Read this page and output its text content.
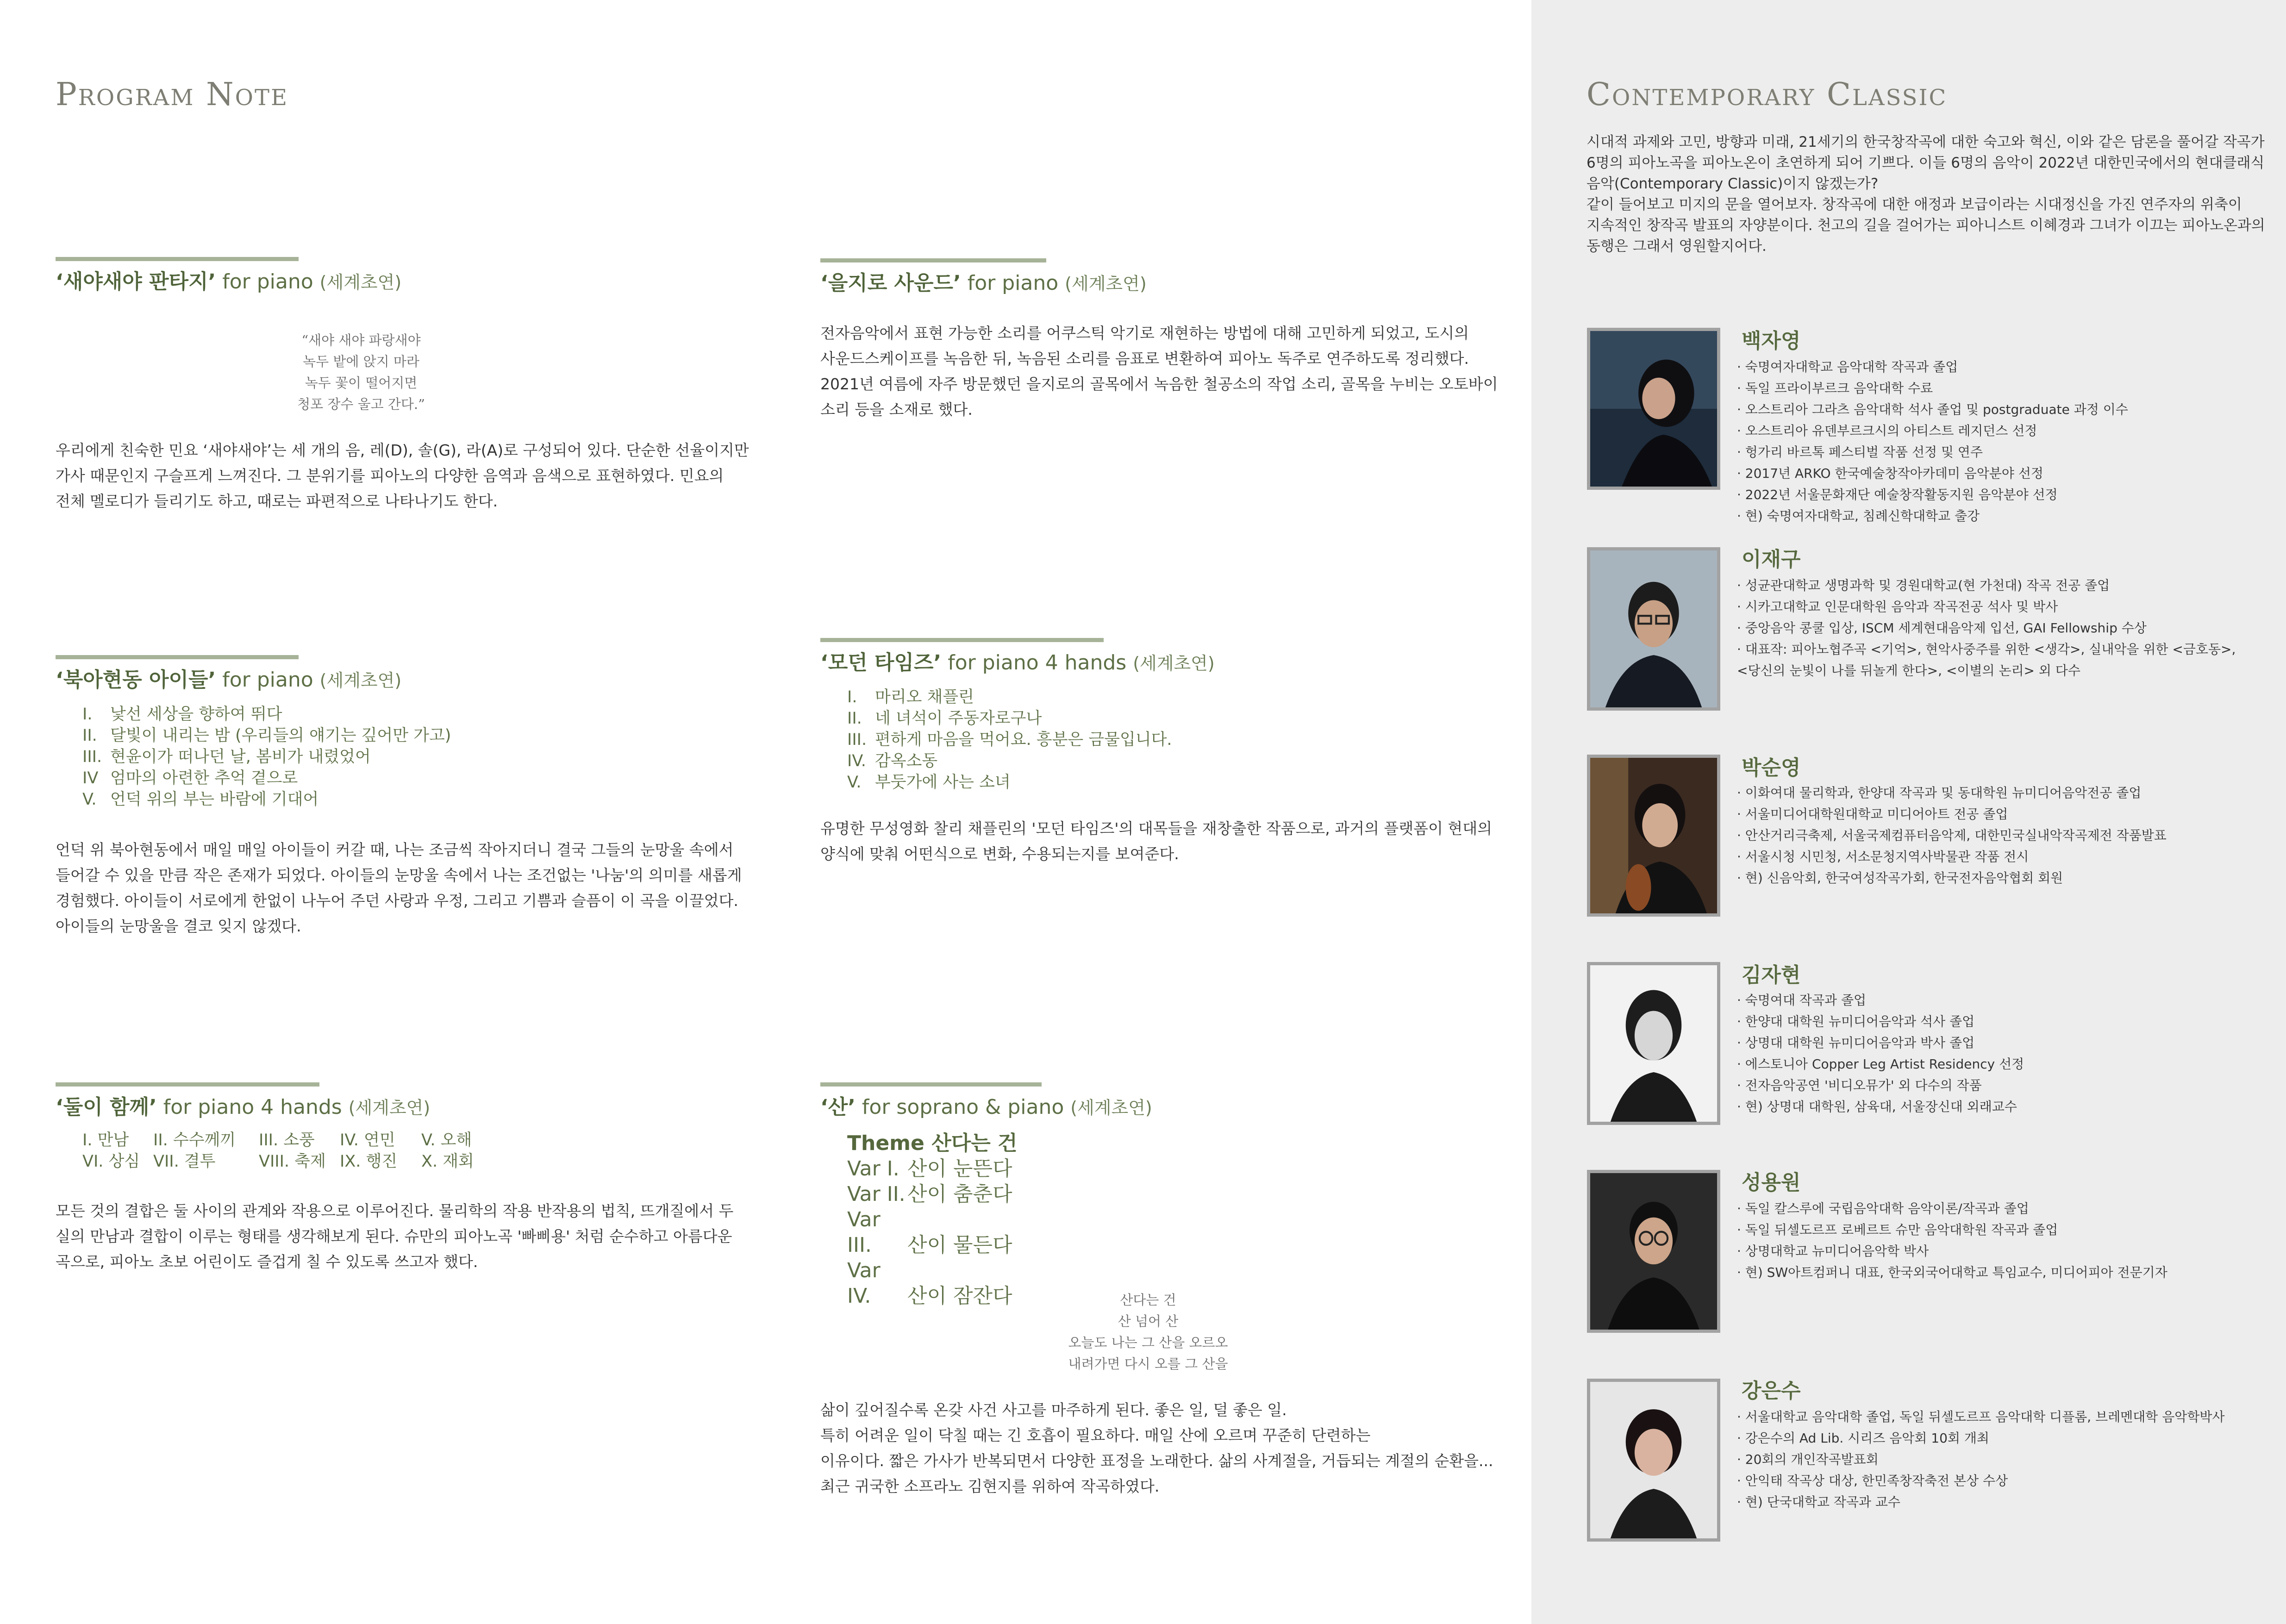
Program Note	Contemporary Classic
‘새야새야 판타지’ for piano (세계초연)
“새야 새야 파랑새야
녹두 밭에 앉지 마라
녹두 꽃이 떨어지면
청포 장수 울고 간다.”
우리에게 친숙한 민요 ‘새야새야’는 세 개의 음, 레(D), 솔(G), 라(A)로 구성되어 있다. 단순한 선율이지만
가사 때문인지 구슬프게 느껴진다. 그 분위기를 피아노의 다양한 음역과 음색으로 표현하였다. 민요의
전체 멜로디가 들리기도 하고, 때로는 파편적으로 나타나기도 한다.
‘북아현동 아이들’ for piano (세계초연)
I. 낯선 세상을 향하여 뛰다
II. 달빛이 내리는 밤 (우리들의 얘기는 깊어만 가고)
III. 현윤이가 떠나던 날, 봄비가 내렸었어
IV 엄마의 아련한 추억 곁으로
V. 언덕 위의 부는 바람에 기대어
언덕 위 북아현동에서 매일 매일 아이들이 커갈 때, 나는 조금씩 작아지더니 결국 그들의 눈망울 속에서
들어갈 수 있을 만큼 작은 존재가 되었다. 아이들의 눈망울 속에서 나는 조건없는 '나눔'의 의미를 새롭게
경험했다. 아이들이 서로에게 한없이 나누어 주던 사랑과 우정, 그리고 기쁨과 슬픔이 이 곡을 이끌었다.
아이들의 눈망울을 결코 잊지 않겠다.
‘둘이 함께’ for piano 4 hands (세계초연)
I. 만남 II. 수수께끼 III. 소풍 IV. 연민 V. 오해
VI. 상심 VII. 결투	VIII. 축제 IX. 행진 X. 재회
모든 것의 결합은 둘 사이의 관계와 작용으로 이루어진다. 물리학의 작용 반작용의 법칙, 뜨개질에서 두
실의 만남과 결합이 이루는 형태를 생각해보게 된다. 슈만의 피아노곡 '빠삐용' 처럼 순수하고 아름다운
곡으로, 피아노 초보 어린이도 즐겁게 칠 수 있도록 쓰고자 했다.
‘을지로 사운드’ for piano (세계초연)
전자음악에서 표현 가능한 소리를 어쿠스틱 악기로 재현하는 방법에 대해 고민하게 되었고, 도시의
사운드스케이프를 녹음한 뒤, 녹음된 소리를 음표로 변환하여 피아노 독주로 연주하도록 정리했다.
2021년 여름에 자주 방문했던 을지로의 골목에서 녹음한 철공소의 작업 소리, 골목을 누비는 오토바이
소리 등을 소재로 했다.
‘모던 타임즈’ for piano 4 hands (세계초연)
I. 마리오 채플린
II. 네 녀석이 주동자로구나
III. 편하게 마음을 먹어요. 흥분은 금물입니다.
IV. 감옥소동
V. 부둣가에 사는 소녀
유명한 무성영화 찰리 채플린의 '모던 타임즈'의 대목들을 재창출한 작품으로, 과거의 플랫폼이 현대의
양식에 맞춰 어떤식으로 변화, 수용되는지를 보여준다.
‘산’ for soprano & piano (세계초연)
Theme 산다는 건
Var I. 산이 눈뜬다
Var II.산이 춤춘다
Var III. 산이 물든다
Var IV. 산이 잠잔다	산다는 건
산 넘어 산
오늘도 나는 그 산을 오르오
내려가면 다시 오를 그 산을
삶이 깊어질수록 온갖 사건 사고를 마주하게 된다. 좋은 일, 덜 좋은 일.
특히 어려운 일이 닥칠 때는 긴 호흡이 필요하다. 매일 산에 오르며 꾸준히 단련하는
이유이다. 짧은 가사가 반복되면서 다양한 표정을 노래한다. 삶의 사계절을, 거듭되는 계절의 순환을...
최근 귀국한 소프라노 김현지를 위하여 작곡하였다.
시대적 과제와 고민, 방향과 미래, 21세기의 한국창작곡에 대한 숙고와 혁신, 이와 같은 담론을 풀어갈 작곡가
6명의 피아노곡을 피아노온이 초연하게 되어 기쁘다. 이들 6명의 음악이 2022년 대한민국에서의 현대클래식
음악(Contemporary Classic)이지 않겠는가?
같이 들어보고 미지의 문을 열어보자. 창작곡에 대한 애정과 보급이라는 시대정신을 가진 연주자의 위축이
지속적인 창작곡 발표의 자양분이다. 천고의 길을 걸어가는 피아니스트 이혜경과 그녀가 이끄는 피아노온과의
동행은 그래서 영원할지어다.
백자영
· 숙명여자대학교 음악대학 작곡과 졸업
· 독일 프라이부르크 음악대학 수료
· 오스트리아 그라츠 음악대학 석사 졸업 및 postgraduate 과정 이수
· 오스트리아 유덴부르크시의 아티스트 레지던스 선정
· 헝가리 바르톡 페스티벌 작품 선정 및 연주
· 2017년 ARKO 한국예술창작아카데미 음악분야 선정
· 2022년 서울문화재단 예술창작활동지원 음악분야 선정
· 현) 숙명여자대학교, 침례신학대학교 출강
이재구
· 성균관대학교 생명과학 및 경원대학교(현 가천대) 작곡 전공 졸업
· 시카고대학교 인문대학원 음악과 작곡전공 석사 및 박사
· 중앙음악 콩쿨 입상, ISCM 세계현대음악제 입선, GAI Fellowship 수상
· 대표작: 피아노협주곡 <기억>, 현악사중주를 위한 <생각>, 실내악을 위한 <금호동>,
<당신의 눈빛이 나를 뒤놀게 한다>, <이별의 논리> 외 다수
박순영
· 이화여대 물리학과, 한양대 작곡과 및 동대학원 뉴미디어음악전공 졸업
· 서울미디어대학원대학교 미디어아트 전공 졸업
· 안산거리극축제, 서울국제컴퓨터음악제, 대한민국실내악작곡제전 작품발표
· 서울시청 시민청, 서소문청지역사박물관 작품 전시
· 현) 신음악회, 한국여성작곡가회, 한국전자음악협회 회원
김자현
· 숙명여대 작곡과 졸업
· 한양대 대학원 뉴미디어음악과 석사 졸업
· 상명대 대학원 뉴미디어음악과 박사 졸업
· 에스토니아 Copper Leg Artist Residency 선정
· 전자음악공연 '비디오뮤가' 외 다수의 작품
· 현) 상명대 대학원, 삼육대, 서울장신대 외래교수
성용원
· 독일 칼스루에 국립음악대학 음악이론/작곡과 졸업
· 독일 뒤셀도르프 로베르트 슈만 음악대학원 작곡과 졸업
· 상명대학교 뉴미디어음악학 박사
· 현) SW아트컴퍼니 대표, 한국외국어대학교 특임교수, 미디어피아 전문기자
강은수
· 서울대학교 음악대학 졸업, 독일 뒤셀도르프 음악대학 디플롬, 브레멘대학 음악학박사
· 강은수의 Ad Lib. 시리즈 음악회 10회 개최
· 20회의 개인작곡발표회
· 안익태 작곡상 대상, 한민족창작축전 본상 수상
· 현) 단국대학교 작곡과 교수
